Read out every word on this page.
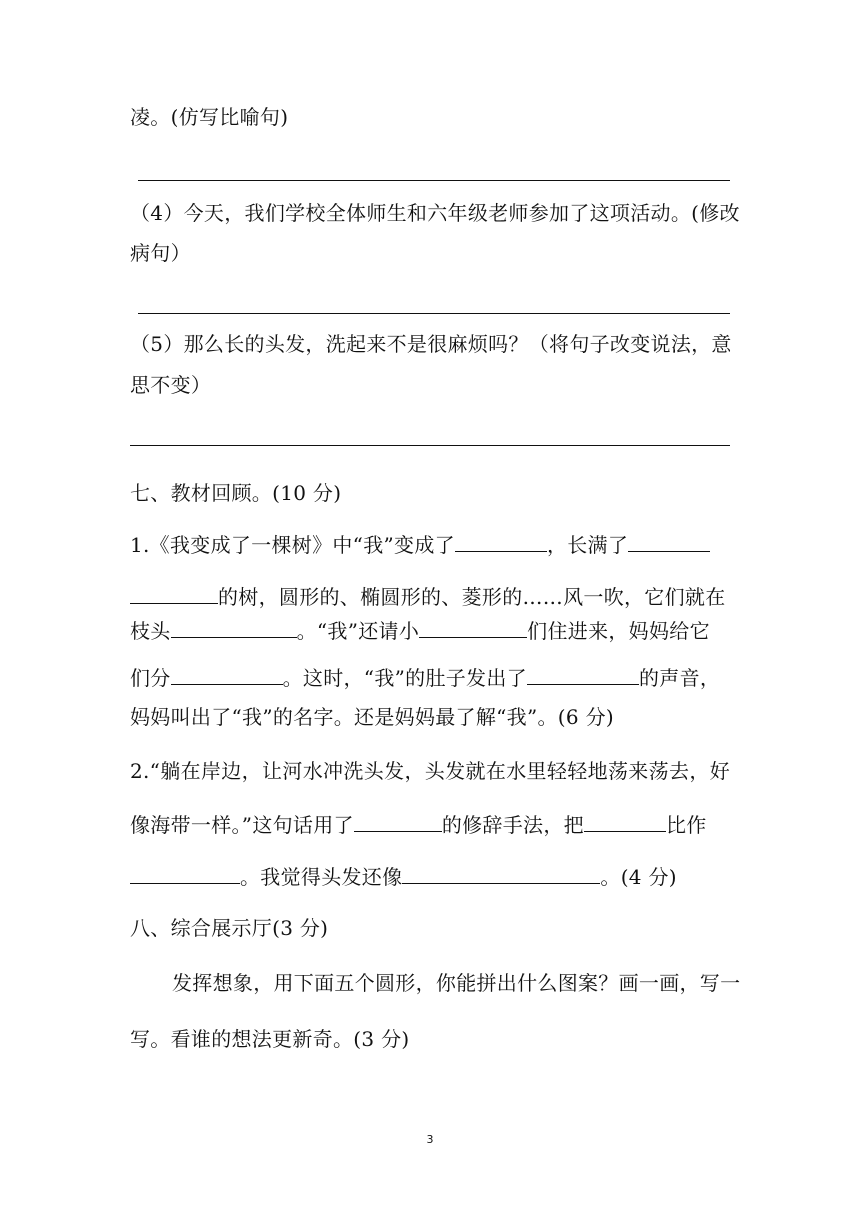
凌。(仿写比喻句)
（4）今天，我们学校全体师生和六年级老师参加了这项活动。(修改
病句）
（5）那么长的头发，洗起来不是很麻烦吗？（将句子改变说法，意
思不变）
七、教材回顾。(10 分)
1.《我变成了一棵树》中“我”变成了	，长满了
的树，圆形的、椭圆形的、菱形的……风一吹，它们就在
枝头	。“我”还请小	们住进来，妈妈给它
们分	。这时，“我”的肚子发出了	的声音，
妈妈叫出了“我”的名字。还是妈妈最了解“我”。(6 分)
2.“躺在岸边，让河水冲洗头发，头发就在水里轻轻地荡来荡去，好
像海带一样。”这句话用了	的修辞手法，把	比作
。我觉得头发还像	。(4 分)
八、综合展示厅(3 分)
发挥想象，用下面五个圆形，你能拼出什么图案？画一画，写一
写。看谁的想法更新奇。(3 分)
3
